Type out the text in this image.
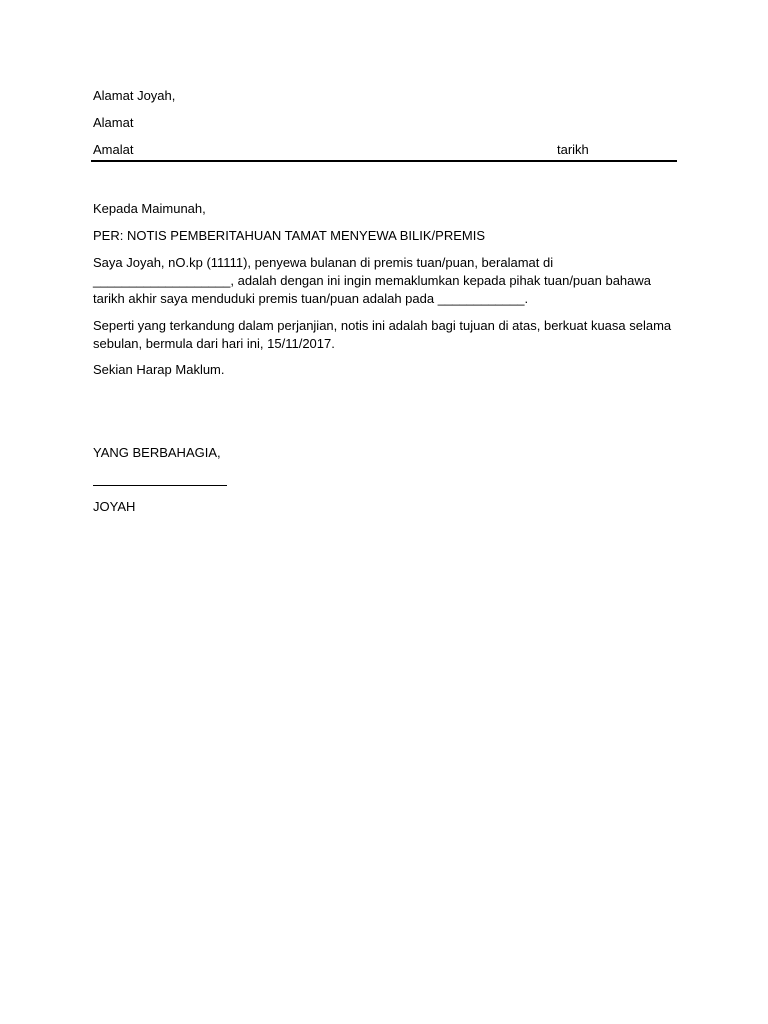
Alamat Joyah,
Alamat
Amalat	tarikh
Kepada Maimunah,
PER: NOTIS PEMBERITAHUAN TAMAT MENYEWA BILIK/PREMIS
Saya Joyah, nO.kp (11111), penyewa bulanan di premis tuan/puan, beralamat di
___________________, adalah dengan ini ingin memaklumkan kepada pihak tuan/puan bahawa
tarikh akhir saya menduduki premis tuan/puan adalah pada ____________.
Seperti yang terkandung dalam perjanjian, notis ini adalah bagi tujuan di atas, berkuat kuasa selama
sebulan, bermula dari hari ini, 15/11/2017.
Sekian Harap Maklum.
YANG BERBAHAGIA,
JOYAH
